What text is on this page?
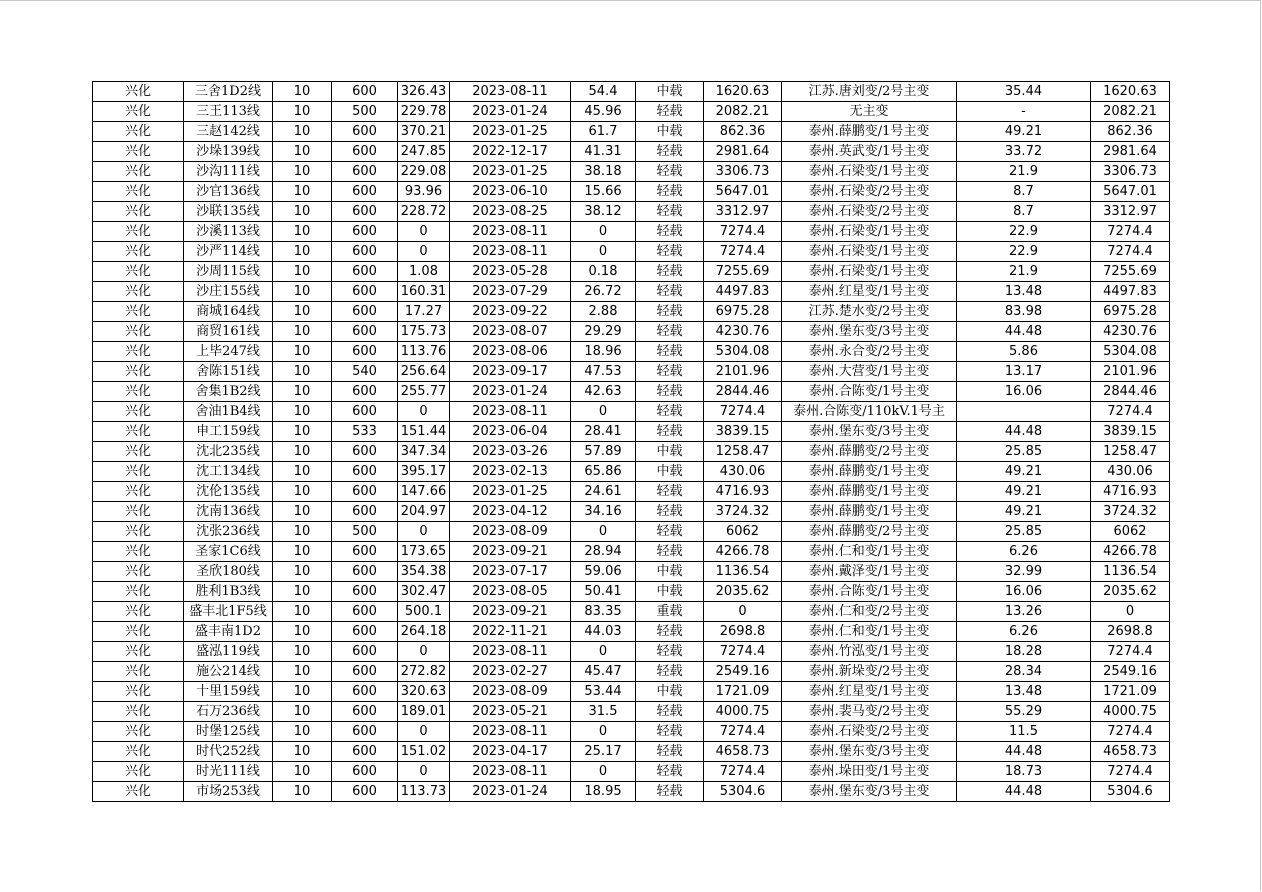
兴化	三舍1D2线	10	600	326.43	2023-08-11	54.4	中载	1620.63	江苏.唐刘变/2号主变	35.44	1620.63
兴化	三王113线	10	500	229.78	2023-01-24	45.96	轻载	2082.21	无主变	-	2082.21
兴化	三赵142线	10	600	370.21	2023-01-25	61.7	中载	862.36	泰州.薛鹏变/1号主变	49.21	862.36
兴化	沙垛139线	10	600	247.85	2022-12-17	41.31	轻载	2981.64	泰州.英武变/1号主变	33.72	2981.64
兴化	沙沟111线	10	600	229.08	2023-01-25	38.18	轻载	3306.73	泰州.石梁变/1号主变	21.9	3306.73
兴化	沙官136线	10	600	93.96	2023-06-10	15.66	轻载	5647.01	泰州.石梁变/2号主变	8.7	5647.01
兴化	沙联135线	10	600	228.72	2023-08-25	38.12	轻载	3312.97	泰州.石梁变/2号主变	8.7	3312.97
兴化	沙溪113线	10	600	0	2023-08-11	0	轻载	7274.4	泰州.石梁变/1号主变	22.9	7274.4
兴化	沙严114线	10	600	0	2023-08-11	0	轻载	7274.4	泰州.石梁变/1号主变	22.9	7274.4
兴化	沙周115线	10	600	1.08	2023-05-28	0.18	轻载	7255.69	泰州.石梁变/1号主变	21.9	7255.69
兴化	沙庄155线	10	600	160.31	2023-07-29	26.72	轻载	4497.83	泰州.红星变/1号主变	13.48	4497.83
兴化	商城164线	10	600	17.27	2023-09-22	2.88	轻载	6975.28	江苏.楚水变/2号主变	83.98	6975.28
兴化	商贸161线	10	600	175.73	2023-08-07	29.29	轻载	4230.76	泰州.堡东变/3号主变	44.48	4230.76
兴化	上毕247线	10	600	113.76	2023-08-06	18.96	轻载	5304.08	泰州.永合变/2号主变	5.86	5304.08
兴化	舍陈151线	10	540	256.64	2023-09-17	47.53	轻载	2101.96	泰州.大营变/1号主变	13.17	2101.96
兴化	舍集1B2线	10	600	255.77	2023-01-24	42.63	轻载	2844.46	泰州.合陈变/1号主变	16.06	2844.46
兴化	舍油1B4线	10	600	0	2023-08-11	0	轻载	7274.4	泰州.合陈变/110kV.1号主		7274.4
兴化	申工159线	10	533	151.44	2023-06-04	28.41	轻载	3839.15	泰州.堡东变/3号主变	44.48	3839.15
兴化	沈北235线	10	600	347.34	2023-03-26	57.89	中载	1258.47	泰州.薛鹏变/2号主变	25.85	1258.47
兴化	沈工134线	10	600	395.17	2023-02-13	65.86	中载	430.06	泰州.薛鹏变/1号主变	49.21	430.06
兴化	沈伦135线	10	600	147.66	2023-01-25	24.61	轻载	4716.93	泰州.薛鹏变/1号主变	49.21	4716.93
兴化	沈南136线	10	600	204.97	2023-04-12	34.16	轻载	3724.32	泰州.薛鹏变/1号主变	49.21	3724.32
兴化	沈张236线	10	500	0	2023-08-09	0	轻载	6062	泰州.薛鹏变/2号主变	25.85	6062
兴化	圣家1C6线	10	600	173.65	2023-09-21	28.94	轻载	4266.78	泰州.仁和变/1号主变	6.26	4266.78
兴化	圣欣180线	10	600	354.38	2023-07-17	59.06	中载	1136.54	泰州.戴泽变/1号主变	32.99	1136.54
兴化	胜利1B3线	10	600	302.47	2023-08-05	50.41	中载	2035.62	泰州.合陈变/1号主变	16.06	2035.62
兴化	盛丰北1F5线	10	600	500.1	2023-09-21	83.35	重载	0	泰州.仁和变/2号主变	13.26	0
兴化	盛丰南1D2	10	600	264.18	2022-11-21	44.03	轻载	2698.8	泰州.仁和变/1号主变	6.26	2698.8
兴化	盛泓119线	10	600	0	2023-08-11	0	轻载	7274.4	泰州.竹泓变/1号主变	18.28	7274.4
兴化	施公214线	10	600	272.82	2023-02-27	45.47	轻载	2549.16	泰州.新垛变/2号主变	28.34	2549.16
兴化	十里159线	10	600	320.63	2023-08-09	53.44	中载	1721.09	泰州.红星变/1号主变	13.48	1721.09
兴化	石万236线	10	600	189.01	2023-05-21	31.5	轻载	4000.75	泰州.裴马变/2号主变	55.29	4000.75
兴化	时堡125线	10	600	0	2023-08-11	0	轻载	7274.4	泰州.石梁变/2号主变	11.5	7274.4
兴化	时代252线	10	600	151.02	2023-04-17	25.17	轻载	4658.73	泰州.堡东变/3号主变	44.48	4658.73
兴化	时光111线	10	600	0	2023-08-11	0	轻载	7274.4	泰州.垛田变/1号主变	18.73	7274.4
兴化	市场253线	10	600	113.73	2023-01-24	18.95	轻载	5304.6	泰州.堡东变/3号主变	44.48	5304.6
